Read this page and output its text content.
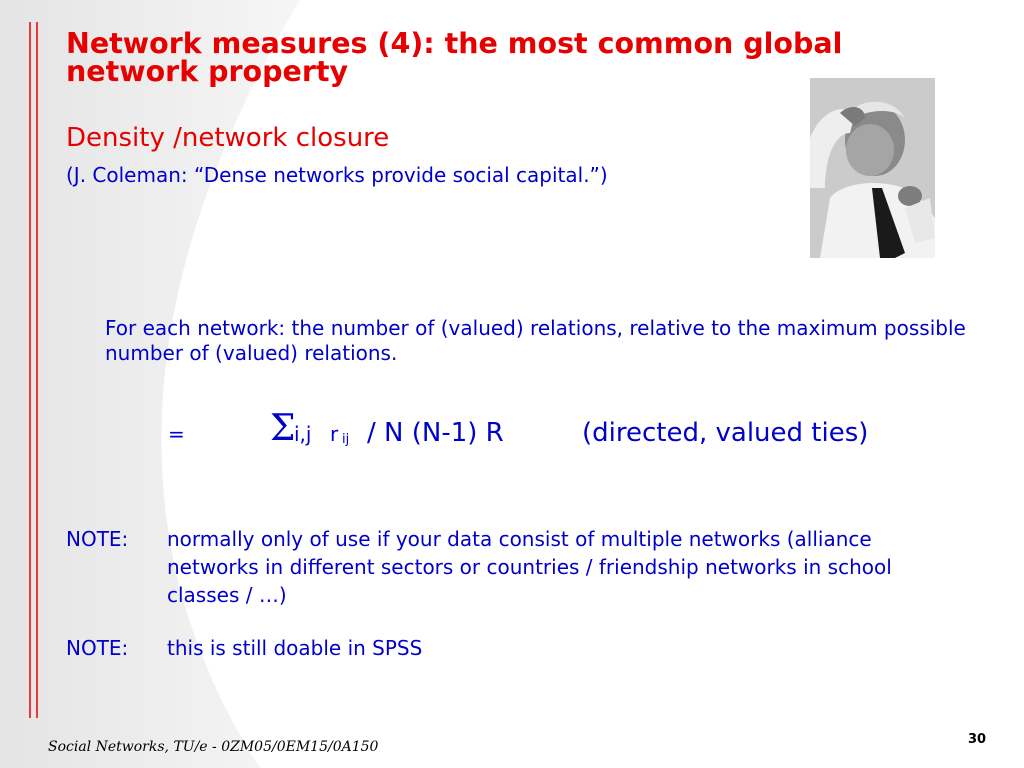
Network measures (4): the most common global network property
Density /network closure
(J. Coleman: “Dense networks provide social capital.”)
For each network: the number of (valued) relations, relative to the maximum possible number of (valued) relations.
= Σ
i,j r ij / N (N-1) R	(directed, valued ties)
NOTE: normally only of use if your data consist of multiple networks (alliance networks in different sectors or countries / friendship networks in school classes / …)
NOTE: this is still doable in SPSS
Social Networks, TU/e - 0ZM05/0EM15/0A150	30
